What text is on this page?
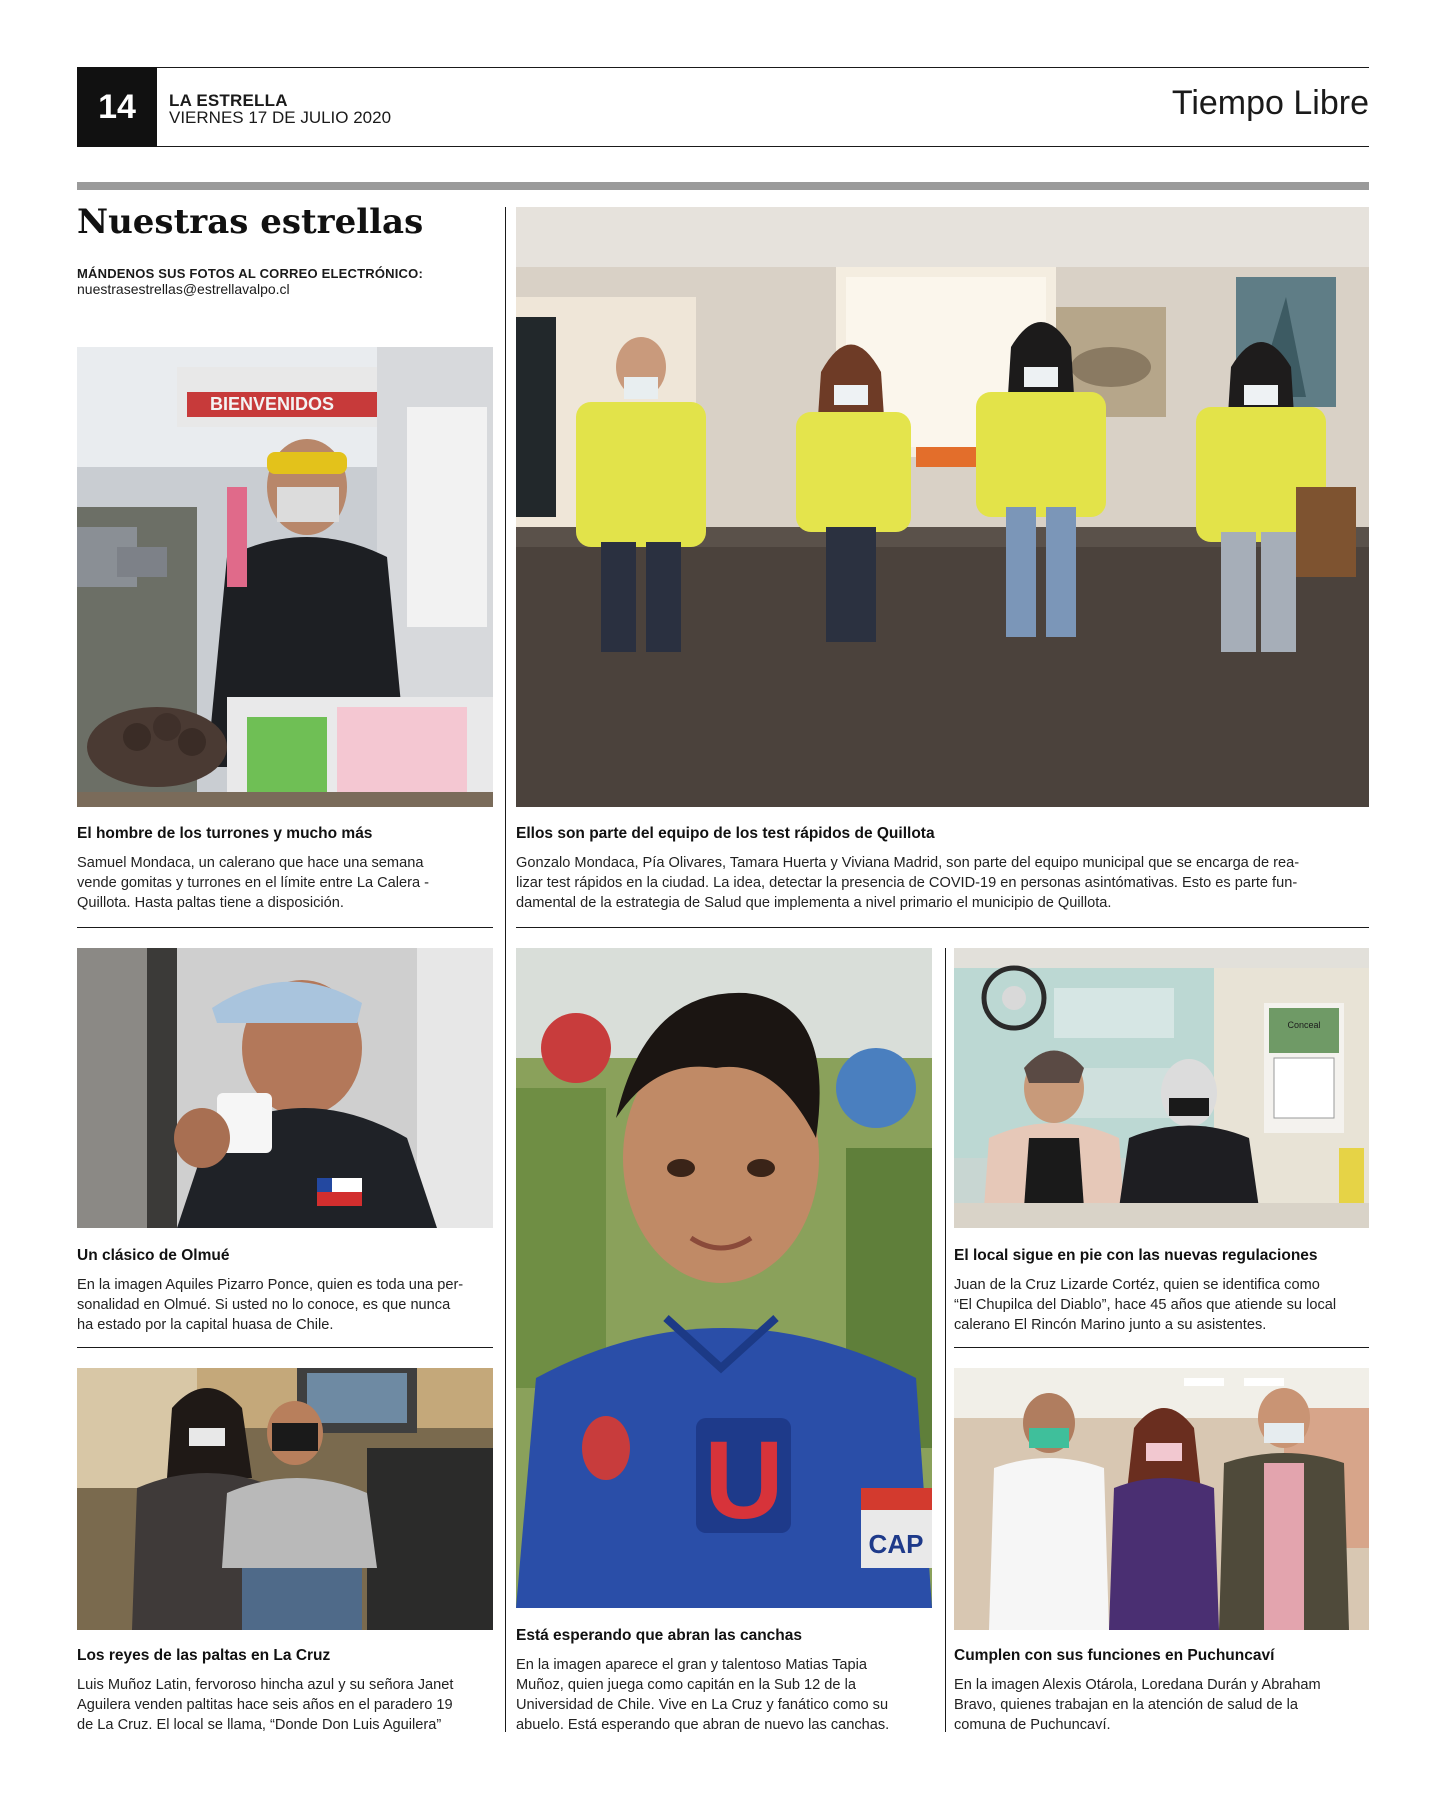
14	LA ESTRELLA
VIERNES 17 DE JULIO 2020	Tiempo Libre
Nuestras estrellas
MÁNDENOS SUS FOTOS AL CORREO ELECTRÓNICO:
nuestrasestrellas@estrellavalpo.cl
BIENVENIDOS
El hombre de los turrones y mucho más
Samuel Mondaca, un calerano que hace una semana
vende gomitas y turrones en el límite entre La Calera -
Quillota. Hasta paltas tiene a disposición.
Ellos son parte del equipo de los test rápidos de Quillota
Gonzalo Mondaca, Pía Olivares, Tamara Huerta y Viviana Madrid, son parte del equipo municipal que se encarga de rea-
lizar test rápidos en la ciudad. La idea, detectar la presencia de COVID-19 en personas asintómativas. Esto es parte fun-
damental de la estrategia de Salud que implementa a nivel primario el municipio de Quillota.
Un clásico de Olmué
En la imagen Aquiles Pizarro Ponce, quien es toda una per-
sonalidad en Olmué. Si usted no lo conoce, es que nunca
ha estado por la capital huasa de Chile.
U
CAP
Está esperando que abran las canchas
En la imagen aparece el gran y talentoso Matias Tapia
Muñoz, quien juega como capitán en la Sub 12 de la
Universidad de Chile. Vive en La Cruz y fanático como su
abuelo. Está esperando que abran de nuevo las canchas.
Conceal
El local sigue en pie con las nuevas regulaciones
Juan de la Cruz Lizarde Cortéz, quien se identifica como
“El Chupilca del Diablo”, hace 45 años que atiende su local
calerano El Rincón Marino junto a su asistentes.
Los reyes de las paltas en La Cruz
Luis Muñoz Latin, fervoroso hincha azul y su señora Janet
Aguilera venden paltitas hace seis años en el paradero 19
de La Cruz. El local se llama, “Donde Don Luis Aguilera”
Cumplen con sus funciones en Puchuncaví
En la imagen Alexis Otárola, Loredana Durán y Abraham
Bravo, quienes trabajan en la atención de salud de la
comuna de Puchuncaví.
